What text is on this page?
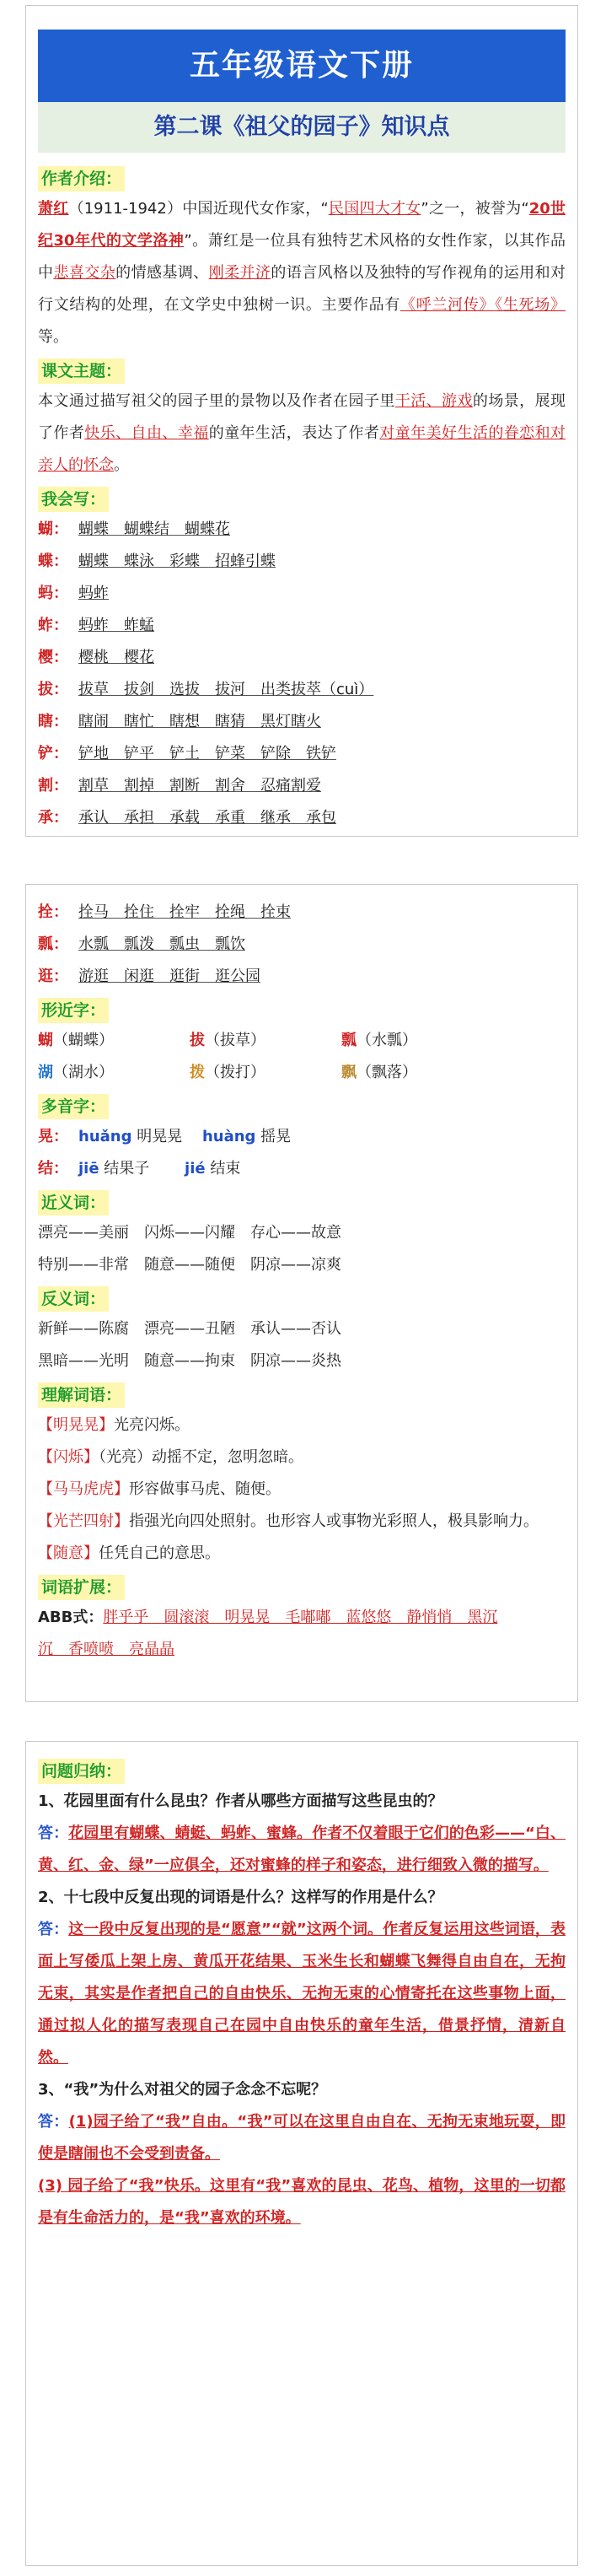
五年级语文下册
第二课《祖父的园子》知识点
作者介绍：

萧红（1911-1942）中国近现代女作家，“民国四大才女”之一，被誉为“20世纪30年代的文学洛神”。萧红是一位具有独特艺术风格的女性作家，以其作品中悲喜交杂的情感基调、刚柔并济的语言风格以及独特的写作视角的运用和对行文结构的处理，在文学史中独树一识。主要作品有《呼兰河传》《生死场》等。

课文主题：

本文通过描写祖父的园子里的景物以及作者在园子里干活、游戏的场景，展现了作者快乐、自由、幸福的童年生活，表达了作者对童年美好生活的眷恋和对亲人的怀念。

我会写：
蝴： 蝴蝶　蝴蝶结　蝴蝶花
蝶： 蝴蝶　蝶泳　彩蝶　招蜂引蝶
蚂： 蚂蚱
蚱： 蚂蚱　蚱蜢
樱： 樱桃　樱花
拔： 拔草　拔剑　选拔　拔河　出类拔萃（cuì）
瞎： 瞎闹　瞎忙　瞎想　瞎猜　黑灯瞎火
铲： 铲地　铲平　铲土　铲菜　铲除　铁铲
割： 割草　割掉　割断　割舍　忍痛割爱
承： 承认　承担　承载　承重　继承　承包
拴： 拴马　拴住　拴牢　拴绳　拴束
瓢： 水瓢　瓢泼　瓢虫　瓢饮
逛： 游逛　闲逛　逛街　逛公园
形近字：
蝴（蝴蝶）	拔（拔草）	瓢（水瓢）
湖（湖水）	拨（拨打）	飘（飘落）
多音字：
晃： huǎng 明晃晃　 huàng 摇晃
结： jiē 结果子　　 jié 结束
近义词：
漂亮——美丽　闪烁——闪耀　存心——故意
特别——非常　随意——随便　阴凉——凉爽
反义词：
新鲜——陈腐　漂亮——丑陋　承认——否认
黑暗——光明　随意——拘束　阴凉——炎热
理解词语：

【明晃晃】光亮闪烁。

【闪烁】（光亮）动摇不定，忽明忽暗。

【马马虎虎】形容做事马虎、随便。

【光芒四射】指强光向四处照射。也形容人或事物光彩照人，极具影响力。

【随意】任凭自己的意思。

词语扩展：
ABB式：胖乎乎　圆滚滚　明晃晃　毛嘟嘟　蓝悠悠　静悄悄　黑沉
沉　香喷喷　亮晶晶
问题归纳：

1、花园里面有什么昆虫？作者从哪些方面描写这些昆虫的？

答：花园里有蝴蝶、蜻蜓、蚂蚱、蜜蜂。作者不仅着眼于它们的色彩——“白、黄、红、金、绿”一应俱全，还对蜜蜂的样子和姿态，进行细致入微的描写。

2、十七段中反复出现的词语是什么？这样写的作用是什么？

答：这一段中反复出现的是“愿意”“就”这两个词。作者反复运用这些词语，表面上写倭瓜上架上房、黄瓜开花结果、玉米生长和蝴蝶飞舞得自由自在，无拘无束，其实是作者把自己的自由快乐、无拘无束的心情寄托在这些事物上面，通过拟人化的描写表现自己在园中自由快乐的童年生活，借景抒情，清新自然。

3、“我”为什么对祖父的园子念念不忘呢？

答：(1)园子给了“我”自由。“我”可以在这里自由自在、无拘无束地玩耍，即使是瞎闹也不会受到责备。

(3) 园子给了“我”快乐。这里有“我”喜欢的昆虫、花鸟、植物，这里的一切都是有生命活力的，是“我”喜欢的环境。
